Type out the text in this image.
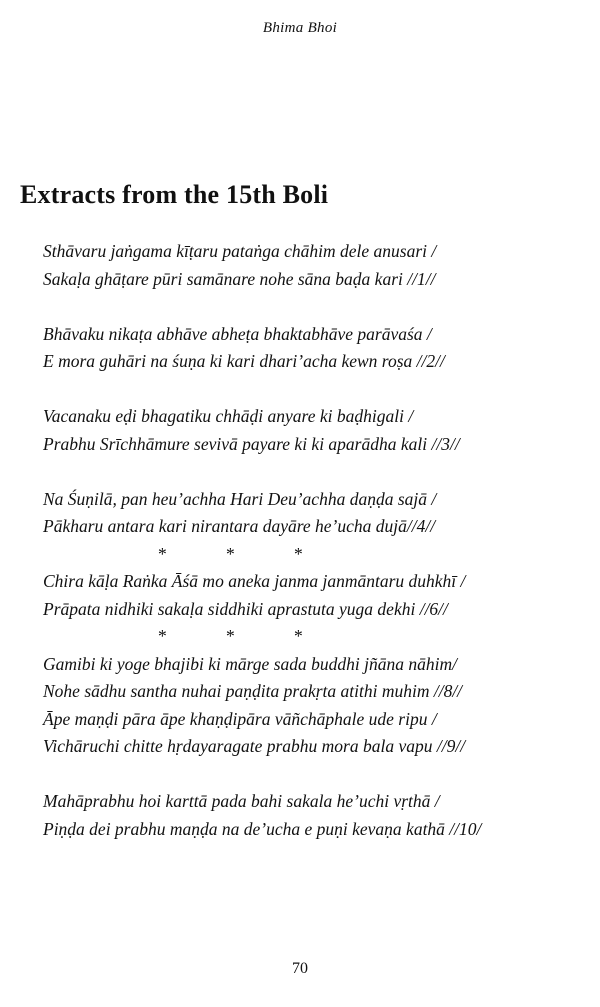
Bhima Bhoi
Extracts from the 15th Boli
Sthāvaru jaṅgama kīṭaru pataṅga chāhim dele anusari /
Sakaḷa ghāṭare pūri samānare nohe sāna baḍa kari //1//
Bhāvaku nikaṭa abhāve abheṭa bhaktabhāve parāvaśa /
E mora guhāri na śuṇa ki kari dhari’acha kewn roṣa //2//
Vacanaku eḍi bhagatiku chhāḍi anyare ki baḍhigali /
Prabhu Srīchhāmure sevivā payare ki ki aparādha kali //3//
Na Śuṇilā, pan heu’achha Hari Deu’achha daṇḍa sajā /
Pākharu antara kari nirantara dayāre he’ucha dujā//4//
*	*	*
Chira kāḷa Raṅka Āśā mo aneka janma janmāntaru duhkhī /
Prāpata nidhiki sakaḷa siddhiki aprastuta yuga dekhi //6//
*	*	*
Gamibi ki yoge bhajibi ki mārge sada buddhi jñāna nāhim/
Nohe sādhu santha nuhai paṇḍita prakṛta atithi muhim //8//
Āpe maṇḍi pāra āpe khaṇḍipāra vāñchāphale ude ripu /
Vichāruchi chitte hṛdayaragate prabhu mora bala vapu //9//
Mahāprabhu hoi karttā pada bahi sakala he’uchi vṛthā /
Piṇḍa dei prabhu maṇḍa na de’ucha e puṇi kevaṇa kathā //10/
70
